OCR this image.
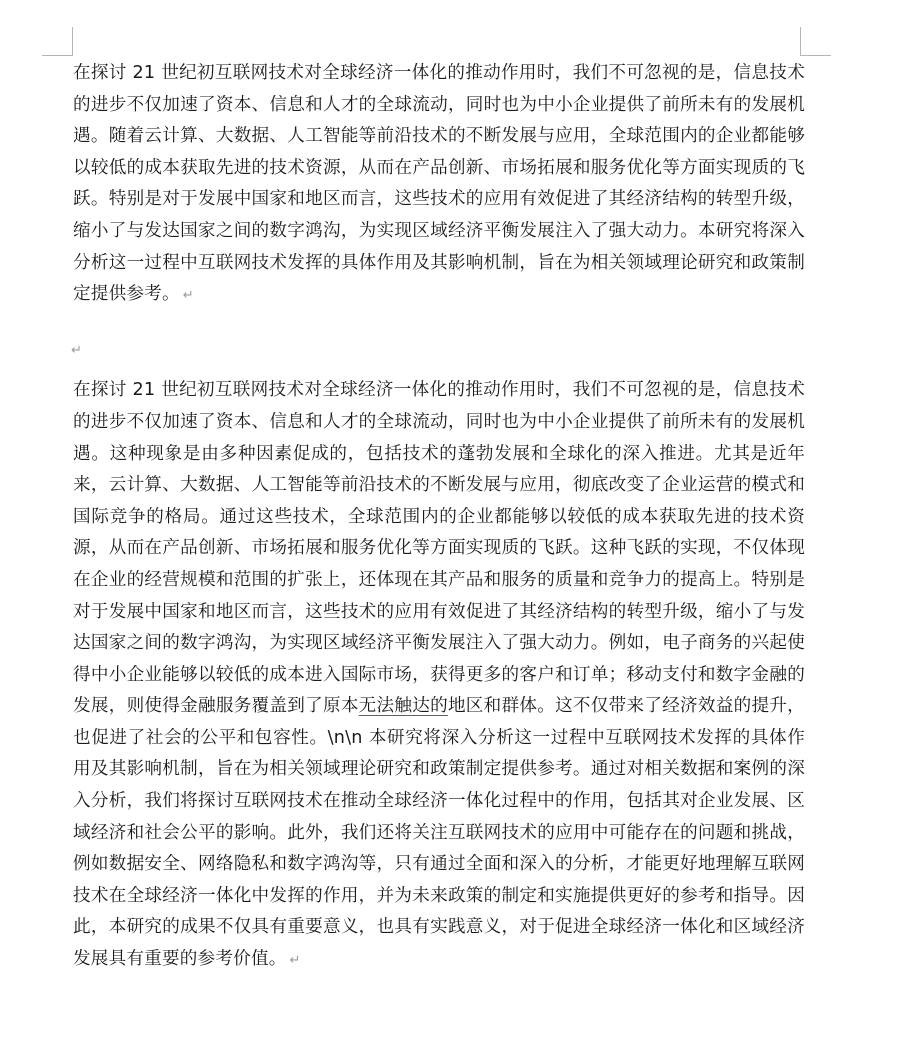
在探讨 21 世纪初互联网技术对全球经济一体化的推动作用时，我们不可忽视的是，信息技术的进步不仅加速了资本、信息和人才的全球流动，同时也为中小企业提供了前所未有的发展机遇。随着云计算、大数据、人工智能等前沿技术的不断发展与应用，全球范围内的企业都能够以较低的成本获取先进的技术资源，从而在产品创新、市场拓展和服务优化等方面实现质的飞跃。特别是对于发展中国家和地区而言，这些技术的应用有效促进了其经济结构的转型升级，缩小了与发达国家之间的数字鸿沟，为实现区域经济平衡发展注入了强大动力。本研究将深入分析这一过程中互联网技术发挥的具体作用及其影响机制，旨在为相关领域理论研究和政策制定提供参考。 ↵

$_↵$

在探讨 21 世纪初互联网技术对全球经济一体化的推动作用时，我们不可忽视的是，信息技术的进步不仅加速了资本、信息和人才的全球流动，同时也为中小企业提供了前所未有的发展机遇。这种现象是由多种因素促成的，包括技术的蓬勃发展和全球化的深入推进。尤其是近年来，云计算、大数据、人工智能等前沿技术的不断发展与应用，彻底改变了企业运营的模式和国际竞争的格局。通过这些技术，全球范围内的企业都能够以较低的成本获取先进的技术资源，从而在产品创新、市场拓展和服务优化等方面实现质的飞跃。这种飞跃的实现，不仅体现在企业的经营规模和范围的扩张上，还体现在其产品和服务的质量和竞争力的提高上。特别是对于发展中国家和地区而言，这些技术的应用有效促进了其经济结构的转型升级，缩小了与发达国家之间的数字鸿沟，为实现区域经济平衡发展注入了强大动力。例如，电子商务的兴起使得中小企业能够以较低的成本进入国际市场，获得更多的客户和订单；移动支付和数字金融的发展，则使得金融服务覆盖到了原本无法触达的地区和群体。这不仅带来了经济效益的提升，也促进了社会的公平和包容性。\n\n 本研究将深入分析这一过程中互联网技术发挥的具体作用及其影响机制，旨在为相关领域理论研究和政策制定提供参考。通过对相关数据和案例的深入分析，我们将探讨互联网技术在推动全球经济一体化过程中的作用，包括其对企业发展、区域经济和社会公平的影响。此外，我们还将关注互联网技术的应用中可能存在的问题和挑战，例如数据安全、网络隐私和数字鸿沟等，只有通过全面和深入的分析，才能更好地理解互联网技术在全球经济一体化中发挥的作用，并为未来政策的制定和实施提供更好的参考和指导。因此，本研究的成果不仅具有重要意义，也具有实践意义，对于促进全球经济一体化和区域经济发展具有重要的参考价值。 ↵
